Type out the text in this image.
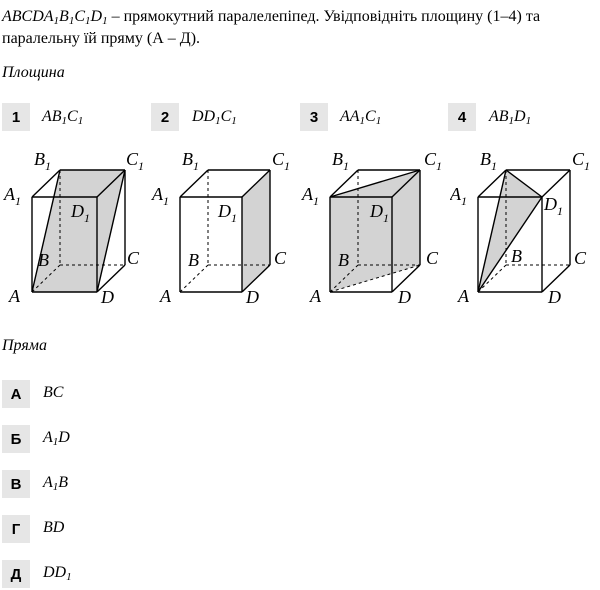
$ABCDA_1B_1C_1D_1$ – прямокутний паралелепіпед. Увідповідніть площину (1–4) та паралельну їй пряму (А – Д).
Площина
1	$AB_1C_1$	2	$DD_1C_1$	3	$AA_1C_1$	4	$AB_1D_1$
$B_1$	$C_1$
$A_1$	$D_1$
B	C
A	D
$B_1$	$C_1$
$A_1$	$D_1$
B	C
A	D
$B_1$	$C_1$
$A_1$	$D_1$
B	C
A	D
$B_1$	$C_1$
$A_1$	$D_1$
B	C
A	D
Пряма
А	BC
Б	$A_1D$
В	$A_1B$
Г	BD
Д	$DD_1$
